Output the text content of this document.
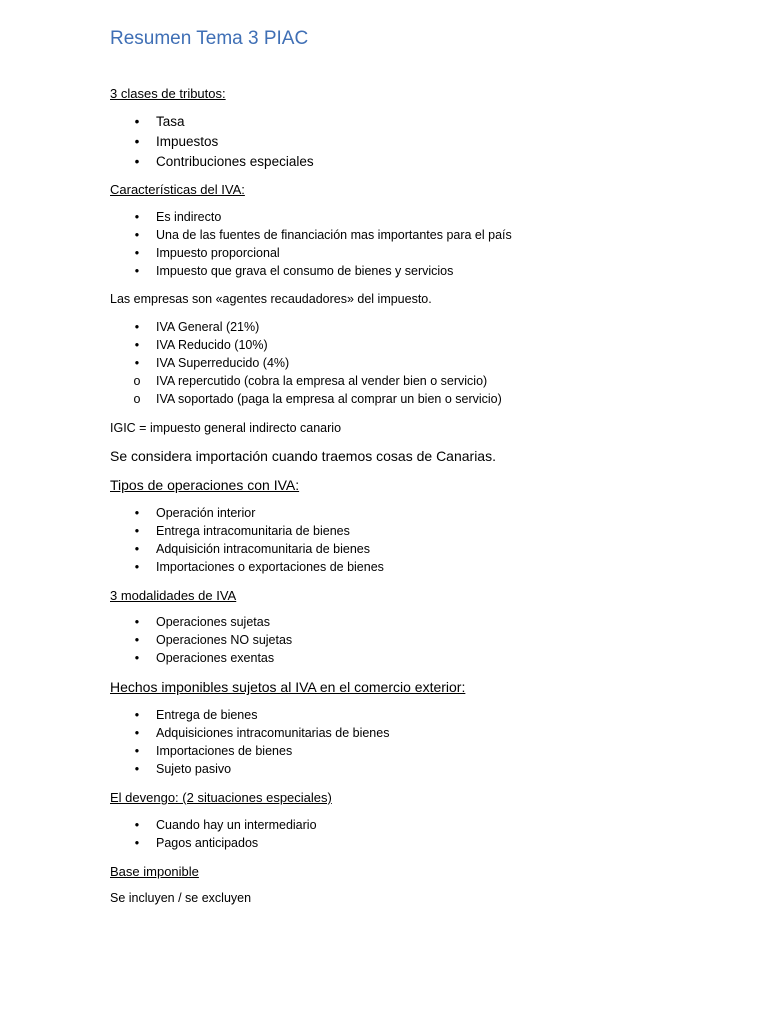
Resumen Tema 3 PIAC
3 clases de tributos:
• Tasa
• Impuestos
• Contribuciones especiales
Características del IVA:
• Es indirecto
• Una de las fuentes de financiación mas importantes para el país
• Impuesto proporcional
• Impuesto que grava el consumo de bienes y servicios
Las empresas son «agentes recaudadores» del impuesto.
• IVA General (21%)
• IVA Reducido (10%)
• IVA Superreducido (4%)
o IVA repercutido (cobra la empresa al vender bien o servicio)
o IVA soportado (paga la empresa al comprar un bien o servicio)
IGIC = impuesto general indirecto canario
Se considera importación cuando traemos cosas de Canarias.
Tipos de operaciones con IVA:
• Operación interior
• Entrega intracomunitaria de bienes
• Adquisición intracomunitaria de bienes
• Importaciones o exportaciones de bienes
3 modalidades de IVA
• Operaciones sujetas
• Operaciones NO sujetas
• Operaciones exentas
Hechos imponibles sujetos al IVA en el comercio exterior:
• Entrega de bienes
• Adquisiciones intracomunitarias de bienes
• Importaciones de bienes
• Sujeto pasivo
El devengo: (2 situaciones especiales)
• Cuando hay un intermediario
• Pagos anticipados
Base imponible
Se incluyen / se excluyen
